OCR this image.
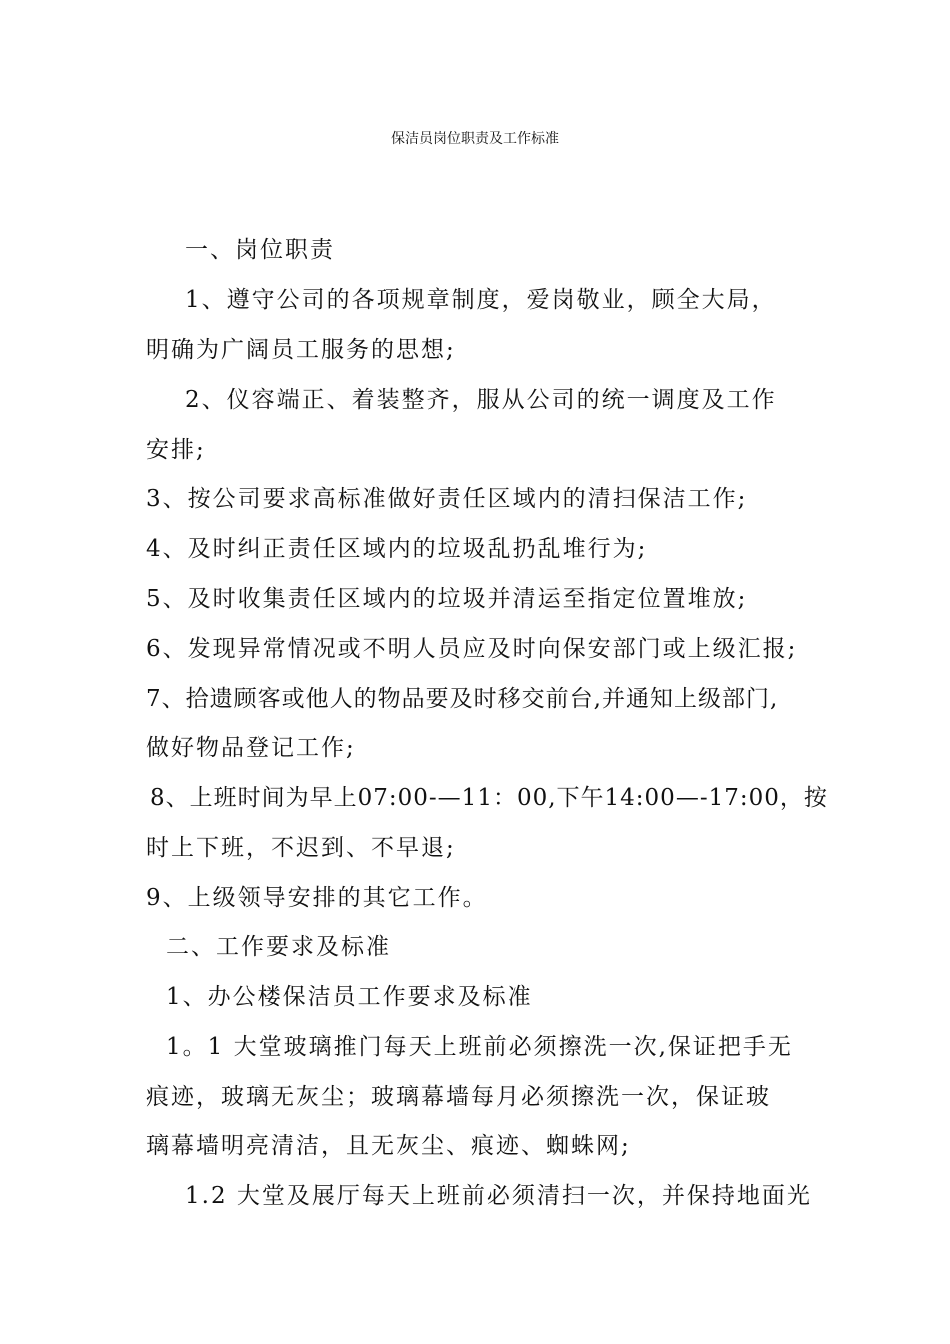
保洁员岗位职责及工作标准
一、岗位职责
1、遵守公司的各项规章制度，爱岗敬业，顾全大局，
明确为广阔员工服务的思想;
2、仪容端正、着装整齐，服从公司的统一调度及工作
安排;
3、按公司要求高标准做好责任区域内的清扫保洁工作;
4、及时纠正责任区域内的垃圾乱扔乱堆行为;
5、及时收集责任区域内的垃圾并清运至指定位置堆放;
6、发现异常情况或不明人员应及时向保安部门或上级汇报;
7、拾遗顾客或他人的物品要及时移交前台,并通知上级部门,
做好物品登记工作;
8、上班时间为早上07:00-—11：00,下午14:00—-17:00，按
时上下班，不迟到、不早退;
9、上级领导安排的其它工作。
二、工作要求及标准
1、办公楼保洁员工作要求及标准
1。1 大堂玻璃推门每天上班前必须擦洗一次,保证把手无
痕迹，玻璃无灰尘；玻璃幕墙每月必须擦洗一次，保证玻
璃幕墙明亮清洁，且无灰尘、痕迹、蜘蛛网;
1.2 大堂及展厅每天上班前必须清扫一次，并保持地面光
